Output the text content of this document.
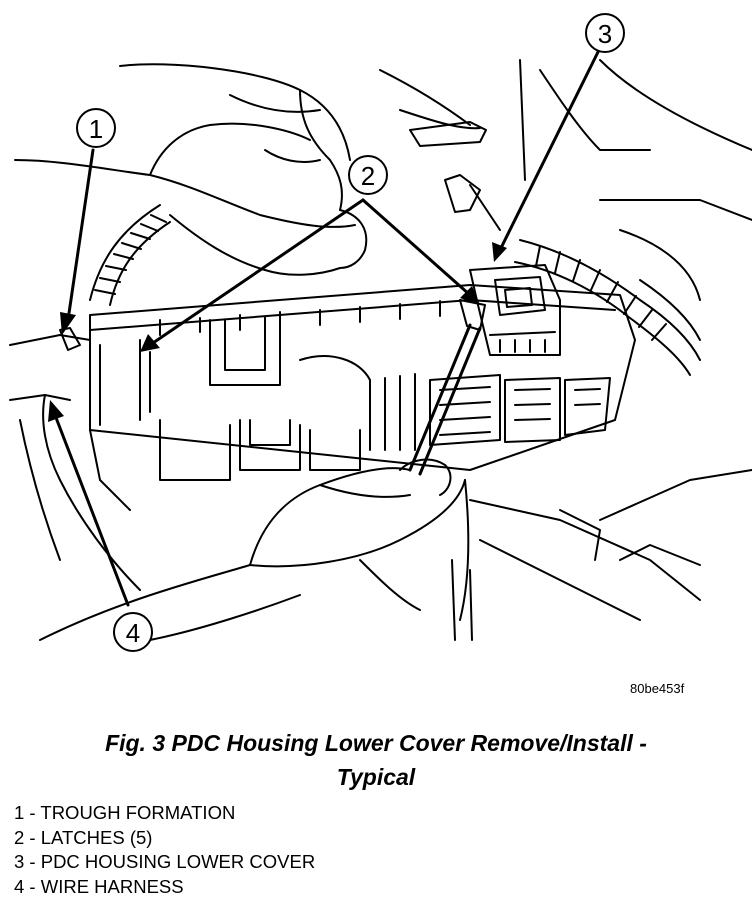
1
2
3
4
80be453f
Fig. 3 PDC Housing Lower Cover Remove/Install -
Typical
1 - TROUGH FORMATION
2 - LATCHES (5)
3 - PDC HOUSING LOWER COVER
4 - WIRE HARNESS
